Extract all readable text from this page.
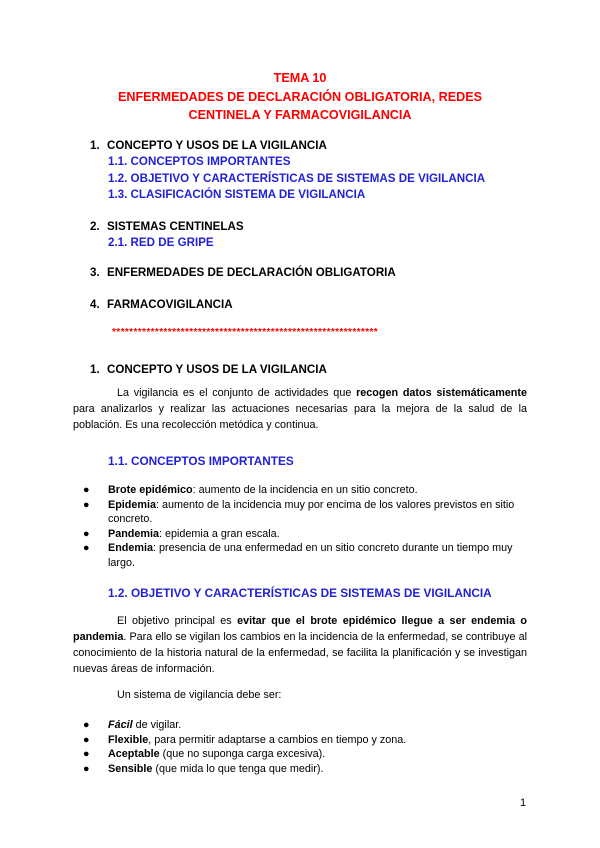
TEMA 10
ENFERMEDADES DE DECLARACIÓN OBLIGATORIA, REDES
CENTINELA Y FARMACOVIGILANCIA
1. CONCEPTO Y USOS DE LA VIGILANCIA
1.1. CONCEPTOS IMPORTANTES
1.2. OBJETIVO Y CARACTERÍSTICAS DE SISTEMAS DE VIGILANCIA
1.3. CLASIFICACIÓN SISTEMA DE VIGILANCIA
2. SISTEMAS CENTINELAS
2.1. RED DE GRIPE
3. ENFERMEDADES DE DECLARACIÓN OBLIGATORIA
4. FARMACOVIGILANCIA
**************************************************************
1. CONCEPTO Y USOS DE LA VIGILANCIA
La vigilancia es el conjunto de actividades que recogen datos sistemáticamente para analizarlos y realizar las actuaciones necesarias para la mejora de la salud de la población. Es una recolección metódica y continua.
1.1. CONCEPTOS IMPORTANTES
● Brote epidémico: aumento de la incidencia en un sitio concreto.
● Epidemia: aumento de la incidencia muy por encima de los valores previstos en sitio concreto.
● Pandemia: epidemia a gran escala.
● Endemia: presencia de una enfermedad en un sitio concreto durante un tiempo muy largo.
1.2. OBJETIVO Y CARACTERÍSTICAS DE SISTEMAS DE VIGILANCIA
El objetivo principal es evitar que el brote epidémico llegue a ser endemia o pandemia. Para ello se vigilan los cambios en la incidencia de la enfermedad, se contribuye al conocimiento de la historia natural de la enfermedad, se facilita la planificación y se investigan nuevas áreas de información.
Un sistema de vigilancia debe ser:
● Fácil de vigilar.
● Flexible, para permitir adaptarse a cambios en tiempo y zona.
● Aceptable (que no suponga carga excesiva).
● Sensible (que mida lo que tenga que medir).
1
